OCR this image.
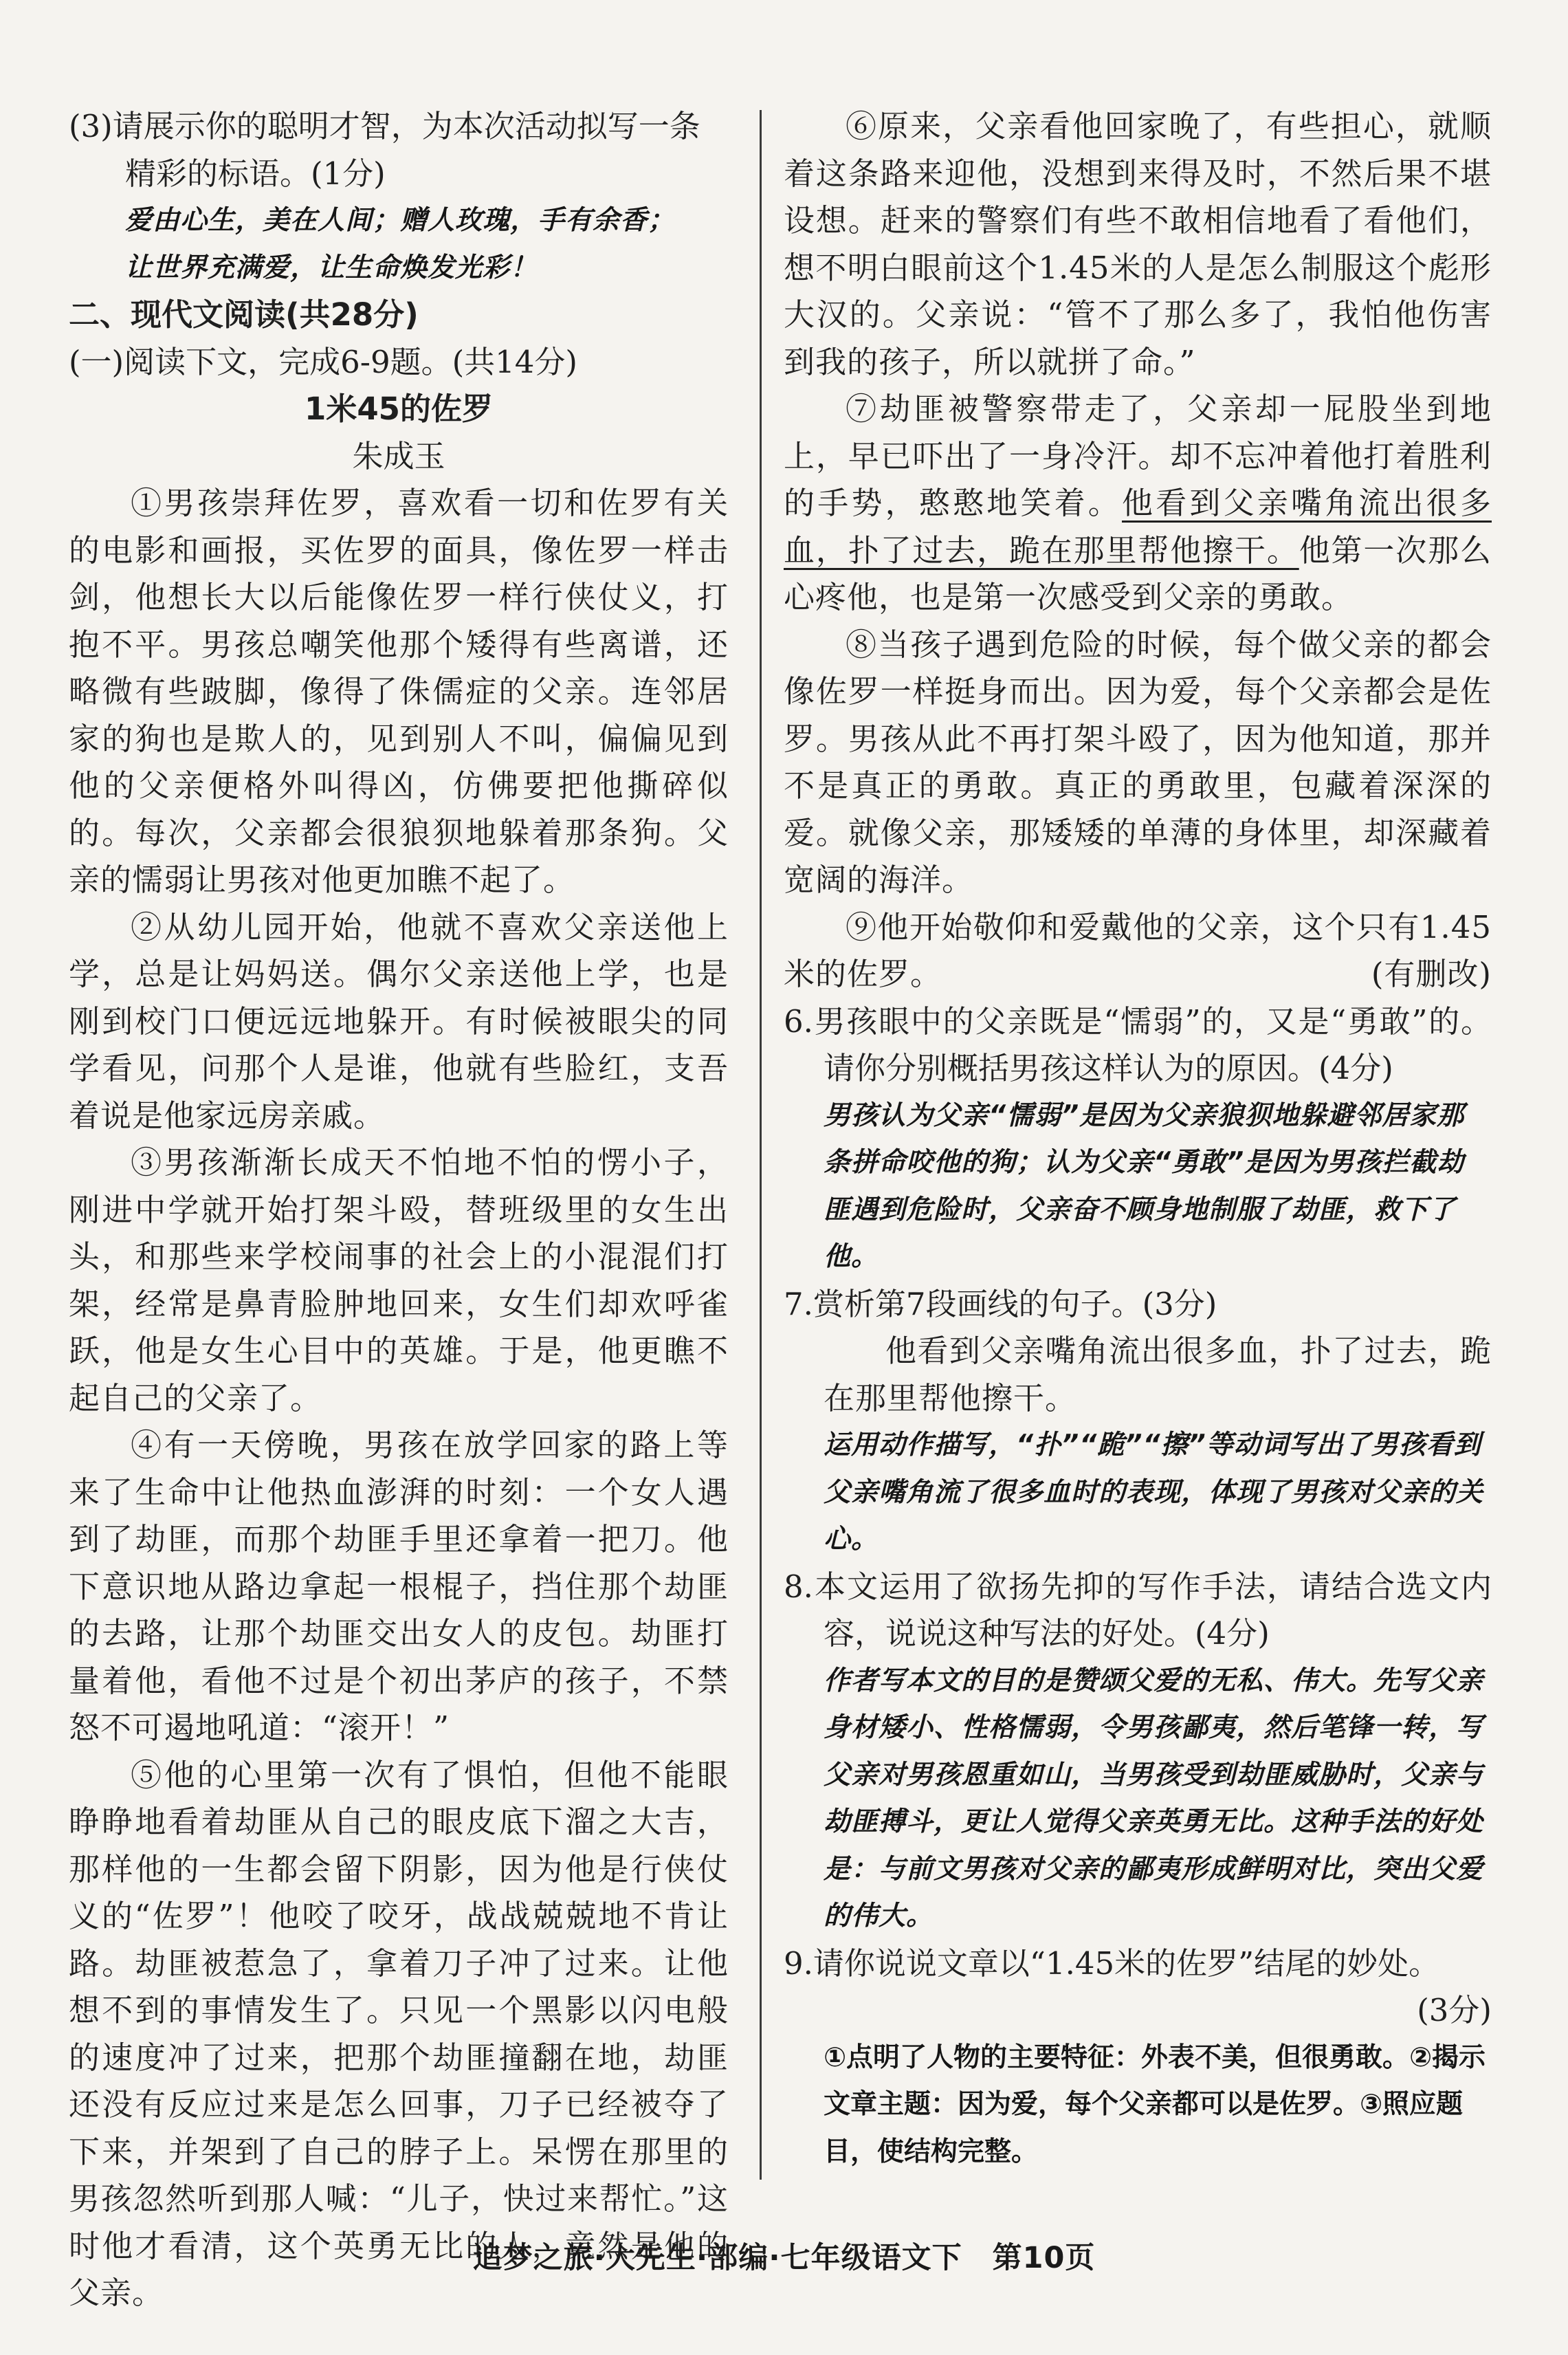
(3)请展示你的聪明才智，为本次活动拟写一条
精彩的标语。(1分)

爱由心生，美在人间；赠人玫瑰，手有余香；

让世界充满爱，让生命焕发光彩！

二、现代文阅读(共28分)

(一)阅读下文，完成6-9题。(共14分)

1米45的佐罗

朱成玉

①男孩崇拜佐罗，喜欢看一切和佐罗有关的电影和画报，买佐罗的面具，像佐罗一样击剑，他想长大以后能像佐罗一样行侠仗义，打抱不平。男孩总嘲笑他那个矮得有些离谱，还略微有些跛脚，像得了侏儒症的父亲。连邻居家的狗也是欺人的，见到别人不叫，偏偏见到他的父亲便格外叫得凶，仿佛要把他撕碎似的。每次，父亲都会很狼狈地躲着那条狗。父亲的懦弱让男孩对他更加瞧不起了。

②从幼儿园开始，他就不喜欢父亲送他上学，总是让妈妈送。偶尔父亲送他上学，也是刚到校门口便远远地躲开。有时候被眼尖的同学看见，问那个人是谁，他就有些脸红，支吾着说是他家远房亲戚。

③男孩渐渐长成天不怕地不怕的愣小子，刚进中学就开始打架斗殴，替班级里的女生出头，和那些来学校闹事的社会上的小混混们打架，经常是鼻青脸肿地回来，女生们却欢呼雀跃，他是女生心目中的英雄。于是，他更瞧不起自己的父亲了。

④有一天傍晚，男孩在放学回家的路上等来了生命中让他热血澎湃的时刻：一个女人遇到了劫匪，而那个劫匪手里还拿着一把刀。他下意识地从路边拿起一根棍子，挡住那个劫匪的去路，让那个劫匪交出女人的皮包。劫匪打量着他，看他不过是个初出茅庐的孩子，不禁怒不可遏地吼道：“滚开！”

⑤他的心里第一次有了惧怕，但他不能眼睁睁地看着劫匪从自己的眼皮底下溜之大吉，那样他的一生都会留下阴影，因为他是行侠仗义的“佐罗”！他咬了咬牙，战战兢兢地不肯让路。劫匪被惹急了，拿着刀子冲了过来。让他想不到的事情发生了。只见一个黑影以闪电般的速度冲了过来，把那个劫匪撞翻在地，劫匪还没有反应过来是怎么回事，刀子已经被夺了下来，并架到了自己的脖子上。呆愣在那里的男孩忽然听到那人喊：“儿子，快过来帮忙。”这时他才看清，这个英勇无比的人，竟然是他的父亲。

⑥原来，父亲看他回家晚了，有些担心，就顺着这条路来迎他，没想到来得及时，不然后果不堪设想。赶来的警察们有些不敢相信地看了看他们，想不明白眼前这个1.45米的人是怎么制服这个彪形大汉的。父亲说：“管不了那么多了，我怕他伤害到我的孩子，所以就拼了命。”

⑦劫匪被警察带走了，父亲却一屁股坐到地上，早已吓出了一身冷汗。却不忘冲着他打着胜利的手势，憨憨地笑着。他看到父亲嘴角流出很多血，扑了过去，跪在那里帮他擦干。他第一次那么心疼他，也是第一次感受到父亲的勇敢。

⑧当孩子遇到危险的时候，每个做父亲的都会像佐罗一样挺身而出。因为爱，每个父亲都会是佐罗。男孩从此不再打架斗殴了，因为他知道，那并不是真正的勇敢。真正的勇敢里，包藏着深深的爱。就像父亲，那矮矮的单薄的身体里，却深藏着宽阔的海洋。

⑨他开始敬仰和爱戴他的父亲，这个只有1.45米的佐罗。	(有删改)

6.男孩眼中的父亲既是“懦弱”的，又是“勇敢”的。请你分别概括男孩这样认为的原因。(4分)

男孩认为父亲“懦弱”是因为父亲狼狈地躲避邻居家那条拼命咬他的狗；认为父亲“勇敢”是因为男孩拦截劫匪遇到危险时，父亲奋不顾身地制服了劫匪，救下了他。

7.赏析第7段画线的句子。(3分)

他看到父亲嘴角流出很多血，扑了过去，跪在那里帮他擦干。

运用动作描写，“扑”“跪”“擦”等动词写出了男孩看到父亲嘴角流了很多血时的表现，体现了男孩对父亲的关心。

8.本文运用了欲扬先抑的写作手法，请结合选文内容，说说这种写法的好处。(4分)

作者写本文的目的是赞颂父爱的无私、伟大。先写父亲身材矮小、性格懦弱，令男孩鄙夷，然后笔锋一转，写父亲对男孩恩重如山，当男孩受到劫匪威胁时，父亲与劫匪搏斗，更让人觉得父亲英勇无比。这种手法的好处是：与前文男孩对父亲的鄙夷形成鲜明对比，突出父爱的伟大。

9.请你说说文章以“1.45米的佐罗”结尾的妙处。

(3分)

①点明了人物的主要特征：外表不美，但很勇敢。②揭示文章主题：因为爱，每个父亲都可以是佐罗。③照应题目，使结构完整。

追梦之旅·大先生·部编·七年级语文下　第10页
